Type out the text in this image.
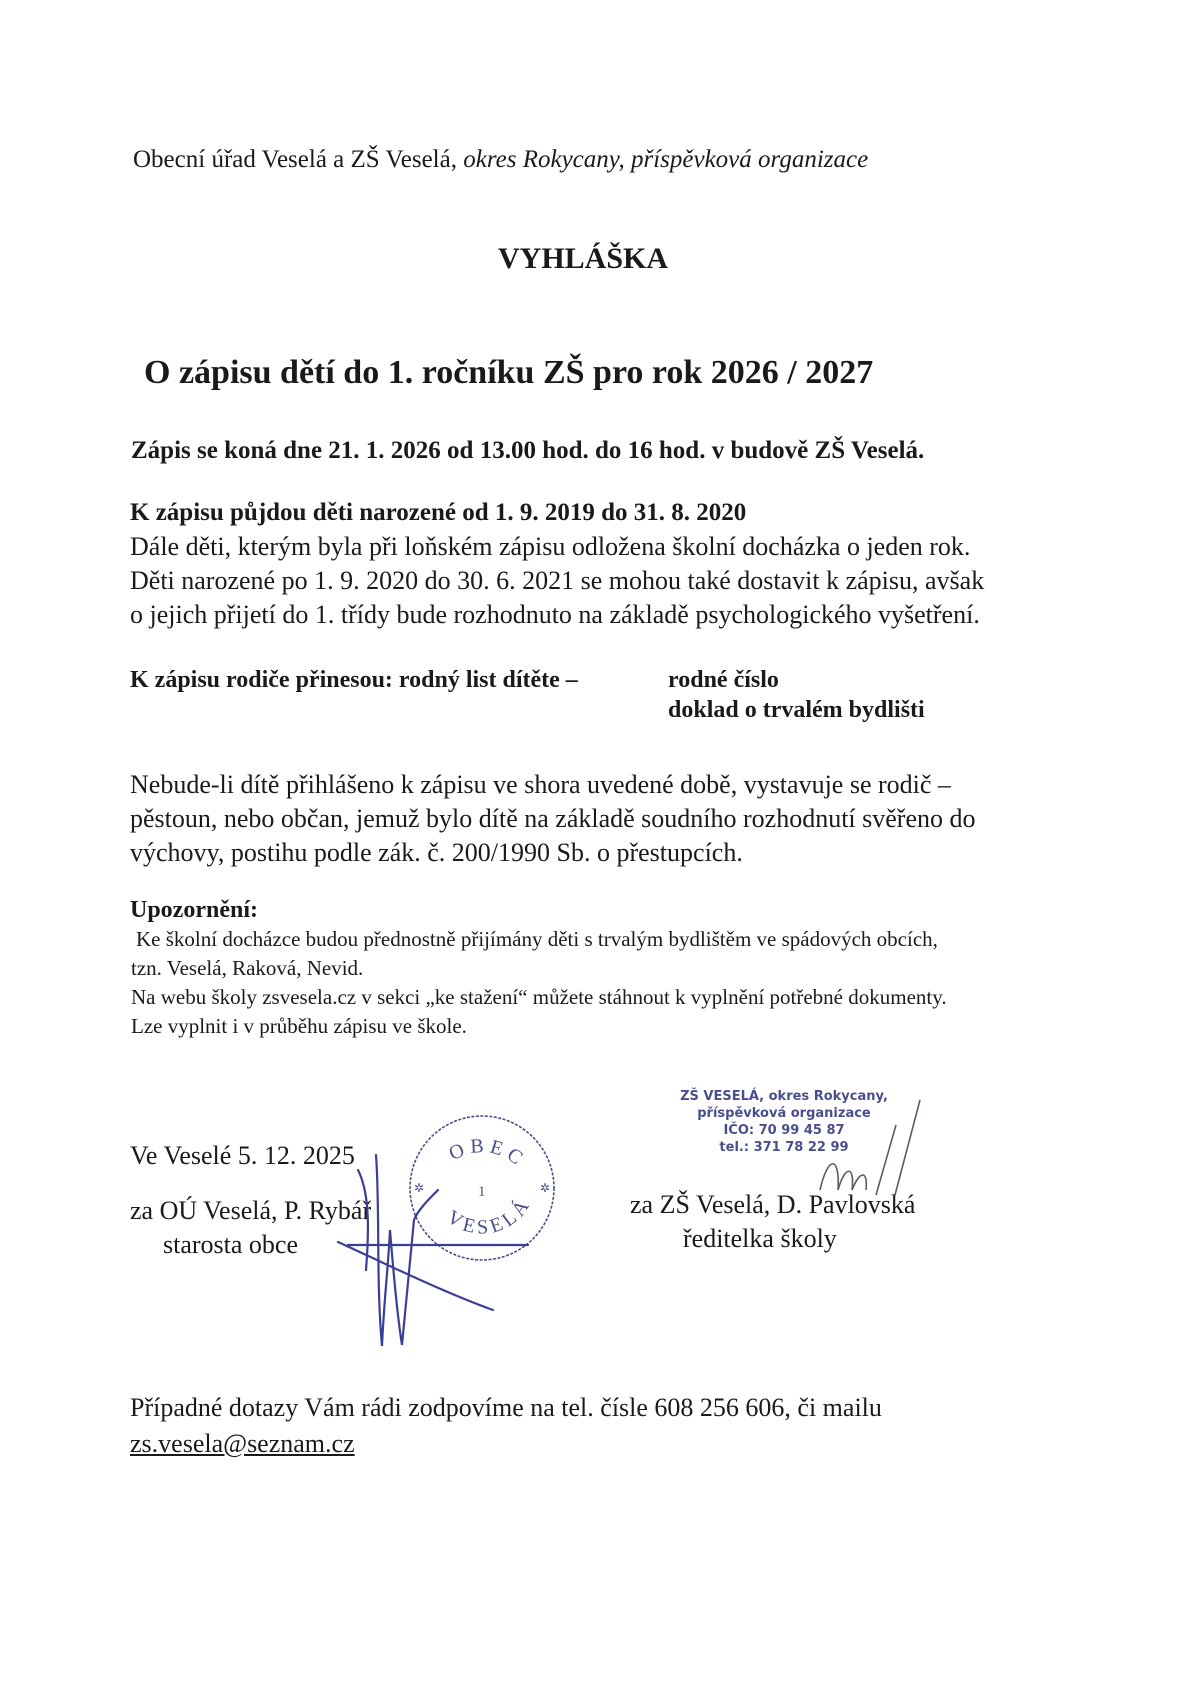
Obecní úřad Veselá a ZŠ Veselá, okres Rokycany, příspěvková organizace
VYHLÁŠKA
O zápisu dětí do 1. ročníku ZŠ pro rok 2026 / 2027
Zápis se koná dne 21. 1. 2026 od 13.00 hod. do 16 hod. v budově ZŠ Veselá.
K zápisu půjdou děti narozené od 1. 9. 2019 do 31. 8. 2020
Dále děti, kterým byla při loňském zápisu odložena školní docházka o jeden rok.
Děti narozené po 1. 9. 2020 do 30. 6. 2021 se mohou také dostavit k zápisu, avšak
o jejich přijetí do 1. třídy bude rozhodnuto na základě psychologického vyšetření.
K zápisu rodiče přinesou: rodný list dítěte –	rodné číslo
doklad o trvalém bydlišti
Nebude-li dítě přihlášeno k zápisu ve shora uvedené době, vystavuje se rodič –
pěstoun, nebo občan, jemuž bylo dítě na základě soudního rozhodnutí svěřeno do
výchovy, postihu podle zák. č. 200/1990 Sb. o přestupcích.
Upozornění:
Ke školní docházce budou přednostně přijímány děti s trvalým bydlištěm ve spádových obcích,
tzn. Veselá, Raková, Nevid.
Na webu školy zsvesela.cz v sekci „ke stažení“ můžete stáhnout k vyplnění potřebné dokumenty.
Lze vyplnit i v průběhu zápisu ve škole.
ZŠ VESELÁ, okres Rokycany,
příspěvková organizace
IČO: 70 99 45 87
tel.: 371 78 22 99
Ve Veselé 5. 12. 2025
za OÚ Veselá, P. Rybář
starosta obce
za ZŠ Veselá, D. Pavlovská
ředitelka školy
OBEC
VESELÁ
1
✲	✲
Případné dotazy Vám rádi zodpovíme na tel. čísle 608 256 606, či mailu
zs.vesela@seznam.cz
